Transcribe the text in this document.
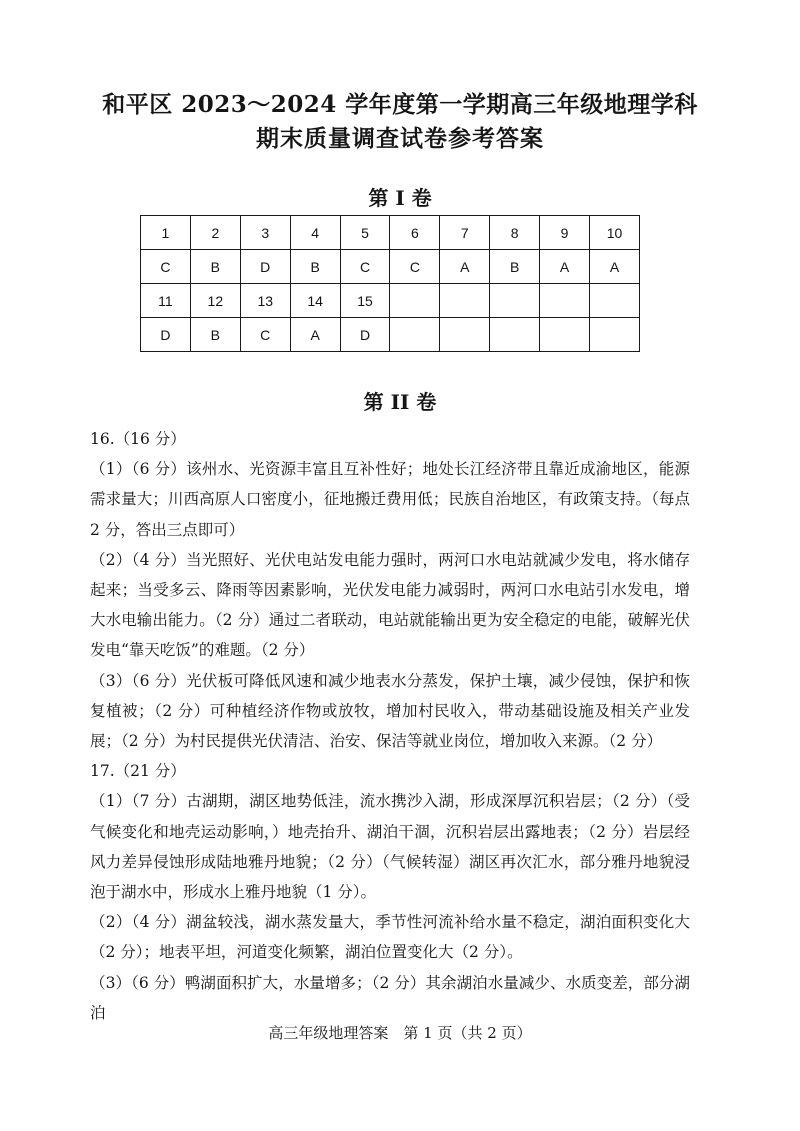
和平区 2023～2024 学年度第一学期高三年级地理学科
期末质量调查试卷参考答案
第 I 卷
1	2	3	4	5	6	7	8	9	10
C	B	D	B	C	C	A	B	A	A
11	12	13	14	15					
D	B	C	A	D					
第 II 卷

16.（16 分）

（1）（6 分）该州水、光资源丰富且互补性好；地处长江经济带且靠近成渝地区，能源需求量大；川西高原人口密度小，征地搬迁费用低；民族自治地区，有政策支持。（每点 2 分，答出三点即可）

（2）（4 分）当光照好、光伏电站发电能力强时，两河口水电站就减少发电，将水储存起来；当受多云、降雨等因素影响，光伏发电能力减弱时，两河口水电站引水发电，增大水电输出能力。（2 分）通过二者联动，电站就能输出更为安全稳定的电能，破解光伏发电“靠天吃饭”的难题。（2 分）

（3）（6 分）光伏板可降低风速和减少地表水分蒸发，保护土壤，减少侵蚀，保护和恢复植被；（2 分）可种植经济作物或放牧，增加村民收入，带动基础设施及相关产业发展；（2 分）为村民提供光伏清洁、治安、保洁等就业岗位，增加收入来源。（2 分）

17.（21 分）

（1）（7 分）古湖期，湖区地势低洼，流水携沙入湖，形成深厚沉积岩层；（2 分）（受气候变化和地壳运动影响，）地壳抬升、湖泊干涸，沉积岩层出露地表；（2 分）岩层经风力差异侵蚀形成陆地雅丹地貌；（2 分）（气候转湿）湖区再次汇水，部分雅丹地貌浸泡于湖水中，形成水上雅丹地貌（1 分）。

（2）（4 分）湖盆较浅，湖水蒸发量大，季节性河流补给水量不稳定，湖泊面积变化大（2 分）；地表平坦，河道变化频繁，湖泊位置变化大（2 分）。

（3）（6 分）鸭湖面积扩大，水量增多；（2 分）其余湖泊水量减少、水质变差，部分湖泊

高三年级地理答案　第 1 页（共 2 页）
